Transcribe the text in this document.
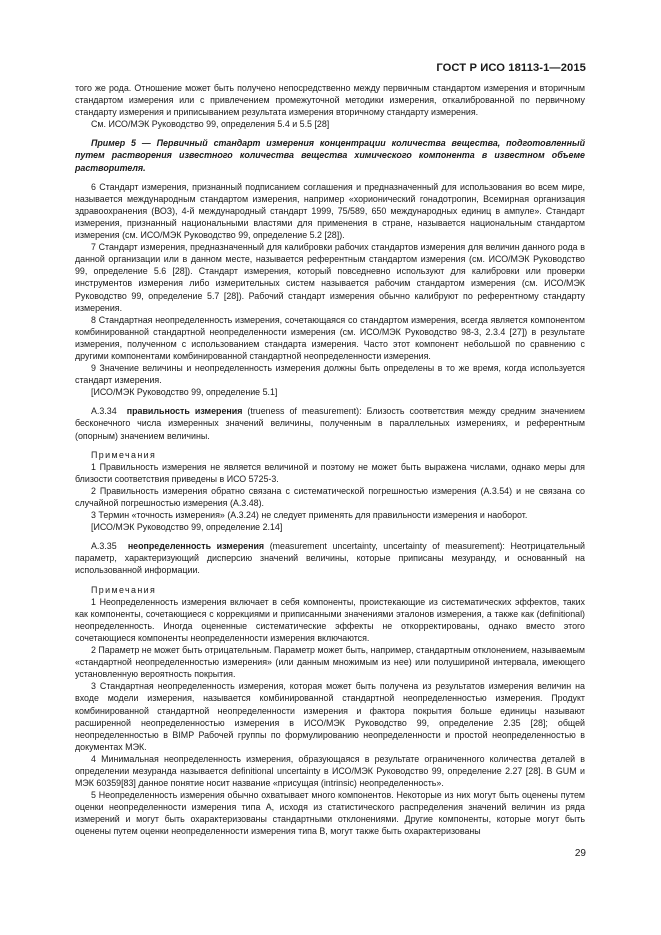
ГОСТ Р ИСО 18113-1—2015

того же рода. Отношение может быть получено непосредственно между первичным стандартом измерения и вторичным стандартом измерения или с привлечением промежуточной методики измерения, откалиброванной по первичному стандарту измерения и приписыванием результата измерения вторичному стандарту измерения.

См. ИСО/МЭК Руководство 99, определения 5.4 и 5.5 [28]

Пример 5 — Первичный стандарт измерения концентрации количества вещества, подготовленный путем растворения известного количества вещества химического компонента в известном объеме растворителя.

6 Стандарт измерения, признанный подписанием соглашения и предназначенный для использования во всем мире, называется международным стандартом измерения, например «хорионический гонадотропин, Всемирная организация здравоохранения (ВОЗ), 4-й международный стандарт 1999, 75/589, 650 международных единиц в ампуле». Стандарт измерения, признанный национальными властями для применения в стране, называется национальным стандартом измерения (см. ИСО/МЭК Руководство 99, определение 5.2 [28]).

7 Стандарт измерения, предназначенный для калибровки рабочих стандартов измерения для величин данного рода в данной организации или в данном месте, называется референтным стандартом измерения (см. ИСО/МЭК Руководство 99, определение 5.6 [28]). Стандарт измерения, который повседневно используют для калибровки или проверки инструментов измерения либо измерительных систем называется рабочим стандартом измерения (см. ИСО/МЭК Руководство 99, определение 5.7 [28]). Рабочий стандарт измерения обычно калибруют по референтному стандарту измерения.

8 Стандартная неопределенность измерения, сочетающаяся со стандартом измерения, всегда является компонентом комбинированной стандартной неопределенности измерения (см. ИСО/МЭК Руководство 98-3, 2.3.4 [27]) в результате измерения, полученном с использованием стандарта измерения. Часто этот компонент небольшой по сравнению с другими компонентами комбинированной стандартной неопределенности измерения.

9 Значение величины и неопределенность измерения должны быть определены в то же время, когда используется стандарт измерения.

[ИСО/МЭК Руководство 99, определение 5.1]

A.3.34 правильность измерения (trueness of measurement): Близость соответствия между средним значением бесконечного числа измеренных значений величины, полученным в параллельных измерениях, и референтным (опорным) значением величины.

Примечания

1 Правильность измерения не является величиной и поэтому не может быть выражена числами, однако меры для близости соответствия приведены в ИСО 5725-3.

2 Правильность измерения обратно связана с систематической погрешностью измерения (A.3.54) и не связана со случайной погрешностью измерения (A.3.48).

3 Термин «точность измерения» (A.3.24) не следует применять для правильности измерения и наоборот.

[ИСО/МЭК Руководство 99, определение 2.14]

A.3.35 неопределенность измерения (measurement uncertainty, uncertainty of measurement): Неотрицательный параметр, характеризующий дисперсию значений величины, которые приписаны мезуранду, и основанный на использованной информации.

Примечания

1 Неопределенность измерения включает в себя компоненты, проистекающие из систематических эффектов, таких как компоненты, сочетающиеся с коррекциями и приписанными значениями эталонов измерения, а также как (definitional) неопределенность. Иногда оцененные систематические эффекты не откорректированы, однако вместо этого сочетающиеся компоненты неопределенности измерения включаются.

2 Параметр не может быть отрицательным. Параметр может быть, например, стандартным отклонением, называемым «стандартной неопределенностью измерения» (или данным множимым из нее) или полушириной интервала, имеющего установленную вероятность покрытия.

3 Стандартная неопределенность измерения, которая может быть получена из результатов измерения величин на входе модели измерения, называется комбинированной стандартной неопределенностью измерения. Продукт комбинированной стандартной неопределенности измерения и фактора покрытия больше единицы называют расширенной неопределенностью измерения в ИСО/МЭК Руководство 99, определение 2.35 [28]; общей неопределенностью в BIMP Рабочей группы по формулированию неопределенности и простой неопределенностью в документах МЭК.

4 Минимальная неопределенность измерения, образующаяся в результате ограниченного количества деталей в определении мезуранда называется definitional uncertainty в ИСО/МЭК Руководство 99, определение 2.27 [28]. В GUM и МЭК 60359[83] данное понятие носит название «присущая (intrinsic) неопределенность».

5 Неопределенность измерения обычно охватывает много компонентов. Некоторые из них могут быть оценены путем оценки неопределенности измерения типа А, исходя из статистического распределения значений величин из ряда измерений и могут быть охарактеризованы стандартными отклонениями. Другие компоненты, которые могут быть оценены путем оценки неопределенности измерения типа В, могут также быть охарактеризованы

29
